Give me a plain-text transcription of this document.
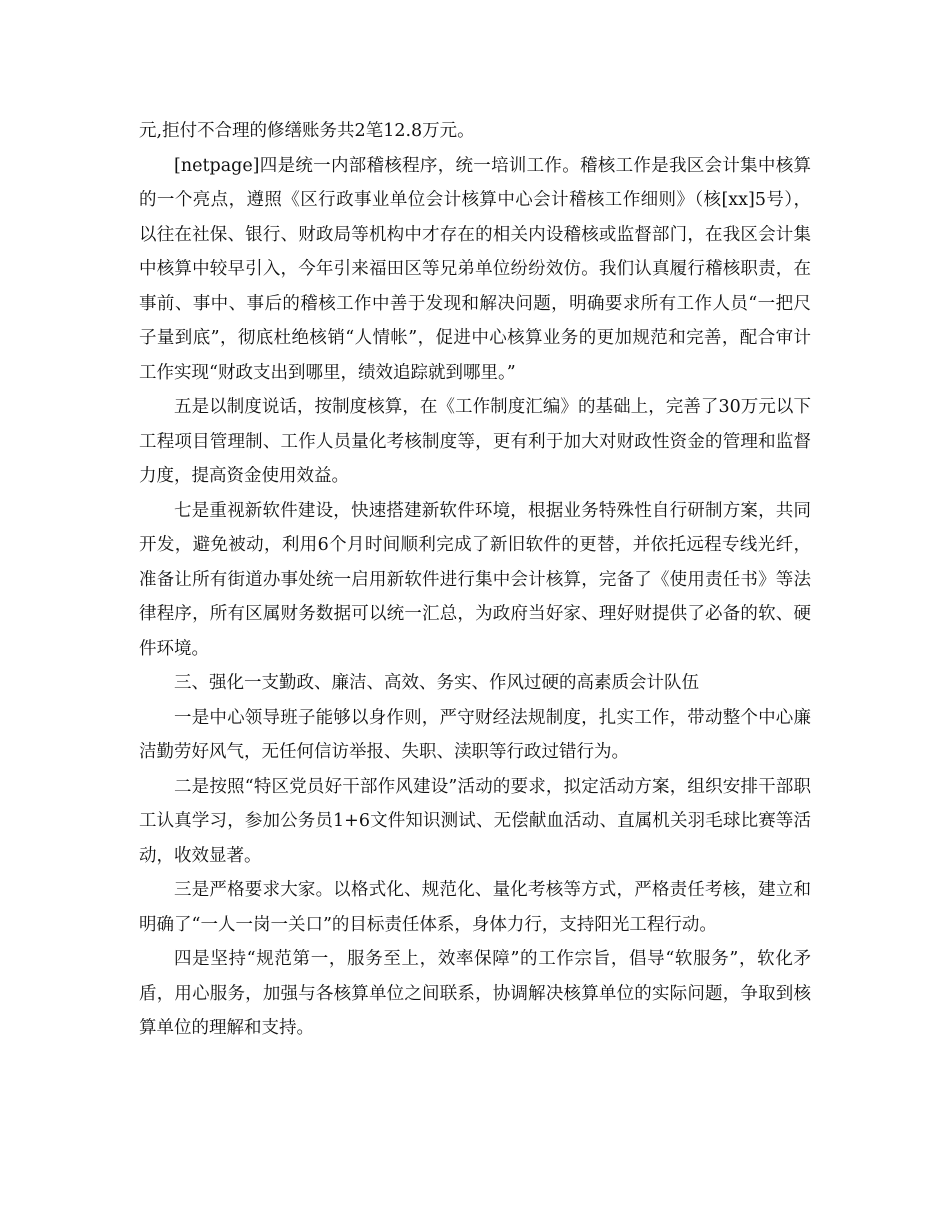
元,拒付不合理的修缮账务共2笔12.8万元。

[netpage]四是统一内部稽核程序，统一培训工作。稽核工作是我区会计集中核算的一个亮点，遵照《区行政事业单位会计核算中心会计稽核工作细则》（核[xx]5号），以往在社保、银行、财政局等机构中才存在的相关内设稽核或监督部门，在我区会计集中核算中较早引入，今年引来福田区等兄弟单位纷纷效仿。我们认真履行稽核职责，在事前、事中、事后的稽核工作中善于发现和解决问题，明确要求所有工作人员“一把尺子量到底”，彻底杜绝核销“人情帐”，促进中心核算业务的更加规范和完善，配合审计工作实现“财政支出到哪里，绩效追踪就到哪里。”

五是以制度说话，按制度核算，在《工作制度汇编》的基础上，完善了30万元以下工程项目管理制、工作人员量化考核制度等，更有利于加大对财政性资金的管理和监督力度，提高资金使用效益。

七是重视新软件建设，快速搭建新软件环境，根据业务特殊性自行研制方案，共同开发，避免被动，利用6个月时间顺利完成了新旧软件的更替，并依托远程专线光纤，准备让所有街道办事处统一启用新软件进行集中会计核算，完备了《使用责任书》等法律程序，所有区属财务数据可以统一汇总，为政府当好家、理好财提供了必备的软、硬件环境。

三、强化一支勤政、廉洁、高效、务实、作风过硬的高素质会计队伍

一是中心领导班子能够以身作则，严守财经法规制度，扎实工作，带动整个中心廉洁勤劳好风气，无任何信访举报、失职、渎职等行政过错行为。

二是按照“特区党员好干部作风建设”活动的要求，拟定活动方案，组织安排干部职工认真学习，参加公务员1+6文件知识测试、无偿献血活动、直属机关羽毛球比赛等活动，收效显著。

三是严格要求大家。以格式化、规范化、量化考核等方式，严格责任考核，建立和明确了“一人一岗一关口”的目标责任体系，身体力行，支持阳光工程行动。

四是坚持“规范第一，服务至上，效率保障”的工作宗旨，倡导“软服务”，软化矛盾，用心服务，加强与各核算单位之间联系，协调解决核算单位的实际问题，争取到核算单位的理解和支持。
